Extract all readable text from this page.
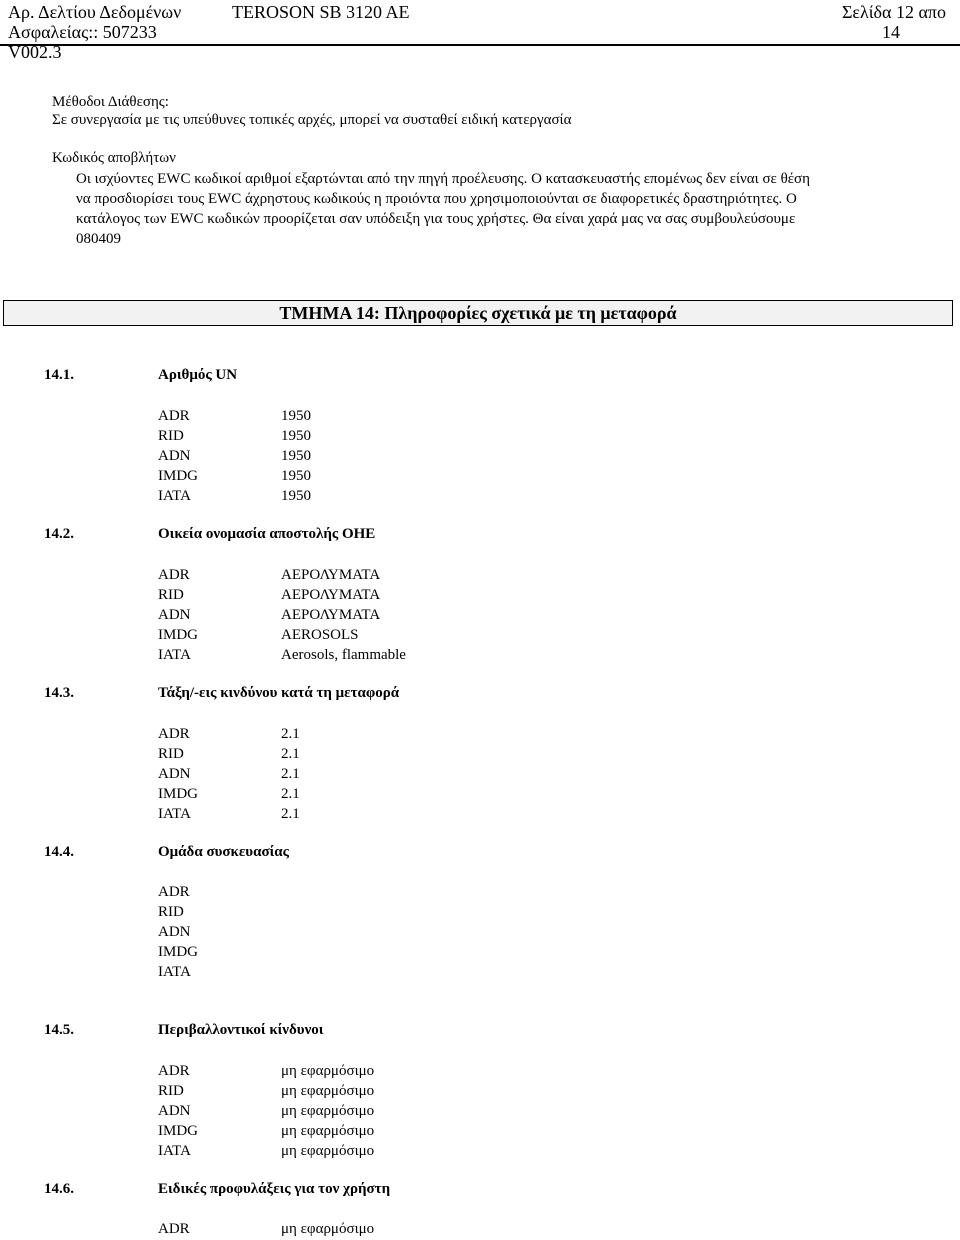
Αρ. Δελτίου Δεδομένων	TEROSON SB 3120 AE	Σελίδα 12 απο
Ασφαλείας:: 507233	14
V002.3
Μέθοδοι Διάθεσης:
Σε συνεργασία με τις υπεύθυνες τοπικές αρχές, μπορεί να συσταθεί ειδική κατεργασία
Κωδικός αποβλήτων
Οι ισχύοντες EWC κωδικοί αριθμοί εξαρτώνται από την πηγή προέλευσης. Ο κατασκευαστής επομένως δεν είναι σε θέση
να προσδιορίσει τους EWC άχρηστους κωδικούς η προιόντα που χρησιμοποιούνται σε διαφορετικές δραστηριότητες. Ο
κατάλογος των EWC κωδικών προορίζεται σαν υπόδειξη για τους χρήστες. Θα είναι χαρά μας να σας συμβουλεύσουμε
080409
ΤΜΗΜΑ 14: Πληροφορίες σχετικά με τη μεταφορά
14.1.	Αριθμός UN
ADR	1950
RID	1950
ADN	1950
IMDG	1950
IATA	1950
14.2.	Οικεία ονομασία αποστολής ΟΗΕ
ADR	ΑΕΡΟΛΥΜΑΤΑ
RID	ΑΕΡΟΛΥΜΑΤΑ
ADN	ΑΕΡΟΛΥΜΑΤΑ
IMDG	AEROSOLS
IATA	Aerosols, flammable
14.3.	Τάξη/-εις κινδύνου κατά τη μεταφορά
ADR	2.1
RID	2.1
ADN	2.1
IMDG	2.1
IATA	2.1
14.4.	Ομάδα συσκευασίας
ADR
RID
ADN
IMDG
IATA
14.5.	Περιβαλλοντικοί κίνδυνοι
ADR	μη εφαρμόσιμο
RID	μη εφαρμόσιμο
ADN	μη εφαρμόσιμο
IMDG	μη εφαρμόσιμο
IATA	μη εφαρμόσιμο
14.6.	Ειδικές προφυλάξεις για τον χρήστη
ADR	μη εφαρμόσιμο
